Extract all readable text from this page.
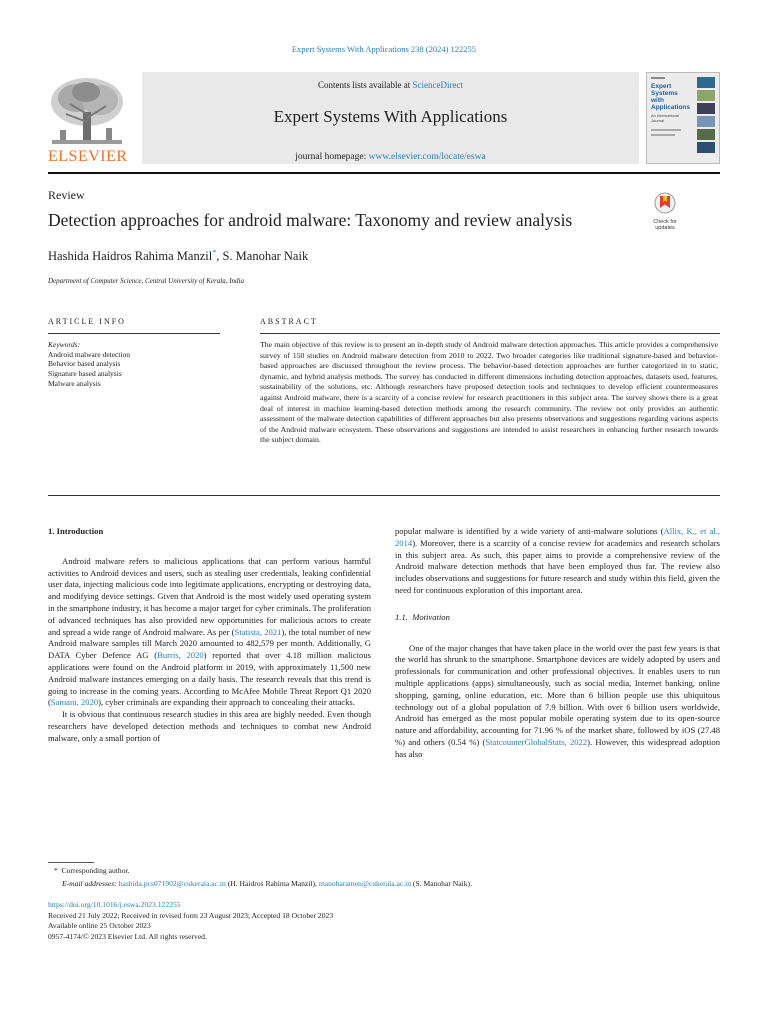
Expert Systems With Applications 238 (2024) 122255
ELSEVIER
Contents lists available at ScienceDirect
Expert Systems With Applications
journal homepage: www.elsevier.com/locate/eswa
Expert
Systems
with
Applications
An International Journal
Check for
updates
Review
Detection approaches for android malware: Taxonomy and review analysis
Hashida Haidros Rahima Manzil*, S. Manohar Naik
Department of Computer Science, Central University of Kerala, India
ARTICLE INFO
Keywords:
Android malware detection
Behavior based analysis
Signature based analysis
Malware analysis
ABSTRACT
The main objective of this review is to present an in-depth study of Android malware detection approaches. This article provides a comprehensive survey of 150 studies on Android malware detection from 2010 to 2022. Two broader categories like traditional signature-based and behavior-based approaches are discussed throughout the review process. The behavior-based detection approaches are further categorized in to static, dynamic, and hybrid analysis methods. The survey has conducted in different dimensions including detection approaches, datasets used, features, sustainability of the solutions, etc. Although researchers have proposed detection tools and techniques to develop efficient countermeasures against Android malware, there is a scarcity of a concise review for research practitioners in this subject area. The survey shows there is a great deal of interest in machine learning-based detection methods among the research community. The review not only provides an authentic assessment of the malware detection capabilities of different approaches but also presents observations and suggestions regarding various aspects of the Android malware ecosystem. These observations and suggestions are intended to assist researchers in enhancing further research towards the subject domain.
1. Introduction

Android malware refers to malicious applications that can perform various harmful activities to Android devices and users, such as stealing user credentials, leaking confidential user data, injecting malicious code into legitimate applications, encrypting or destroying data, and modifying device settings. Given that Android is the most widely used operating system in the smartphone industry, it has become a major target for cyber criminals. The proliferation of advanced techniques has also provided new opportunities for malicious actors to create and spread a wide range of Android malware. As per (Statista, 2021), the total number of new Android malware samples till March 2020 amounted to 482,579 per month. Additionally, G DATA Cyber Defence AG (Burris, 2020) reported that over 4.18 million malicious applications were found on the Android platform in 2019, with approximately 11,500 new Android malware instances emerging on a daily basis. The research reveals that this trend is going to increase in the coming years. According to McAfee Mobile Threat Report Q1 2020 (Samani, 2020), cyber criminals are expanding their approach to concealing their attacks.

It is obvious that continuous research studies in this area are highly needed. Even though researchers have developed detection methods and techniques to combat new Android malware, only a small portion of

popular malware is identified by a wide variety of anti-malware solutions (Allix, K., et al., 2014). Moreover, there is a scarcity of a concise review for academics and research scholars in this subject area. As such, this paper aims to provide a comprehensive review of the Android malware detection methods that have been employed thus far. The review also includes observations and suggestions for future research and study within this field, given the need for continuous exploration of this important area.

1.1. Motivation

One of the major changes that have taken place in the world over the past few years is that the world has shrunk to the smartphone. Smartphone devices are widely adopted by users and professionals for communication and other professional objectives. It enables users to run multiple applications (apps) simultaneously, such as social media, Internet banking, online shopping, gaming, online education, etc. More than 6 billion people use this ubiquitous technology out of a global population of 7.9 billion. With over 6 billion users worldwide, Android has emerged as the most popular mobile operating system due to its open-source nature and affordability, accounting for 71.96 % of the market share, followed by iOS (27.48 %) and others (0.54 %) (StatcounterGlobalStats, 2022). However, this widespread adoption has also

*  Corresponding author.
E-mail addresses: hashida.pcs071902@cukerala.ac.in (H. Haidros Rahima Manzil), manoharamen@cukerala.ac.in (S. Manohar Naik).
https://doi.org/10.1016/j.eswa.2023.122255
Received 21 July 2022; Received in revised form 23 August 2023; Accepted 18 October 2023
Available online 25 October 2023
0957-4174/© 2023 Elsevier Ltd. All rights reserved.
